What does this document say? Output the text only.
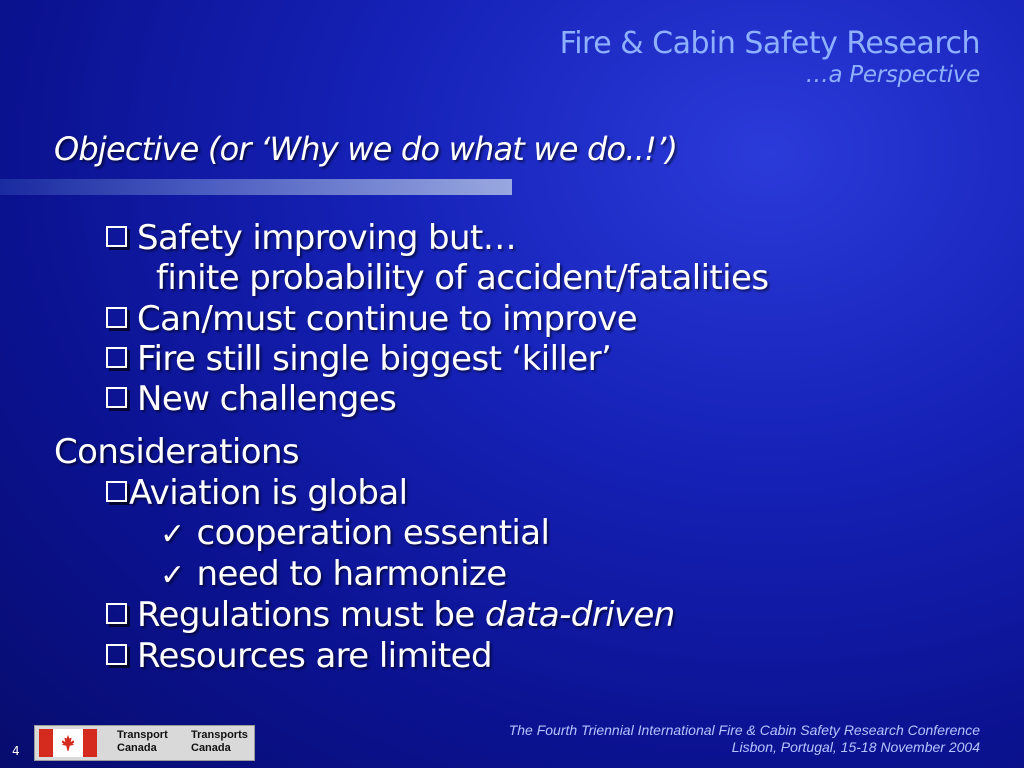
Fire & Cabin Safety Research
…a Perspective
Objective (or ‘Why we do what we do..!’)
Safety improving but…
finite probability of accident/fatalities
Can/must continue to improve
Fire still single biggest ‘killer’
New challenges
Considerations
Aviation is global
✓ cooperation essential
✓ need to harmonize
Regulations must be data-driven
Resources are limited
4
Transport
Canada
Transports
Canada
The Fourth Triennial International Fire & Cabin Safety Research Conference
Lisbon, Portugal, 15-18 November 2004
